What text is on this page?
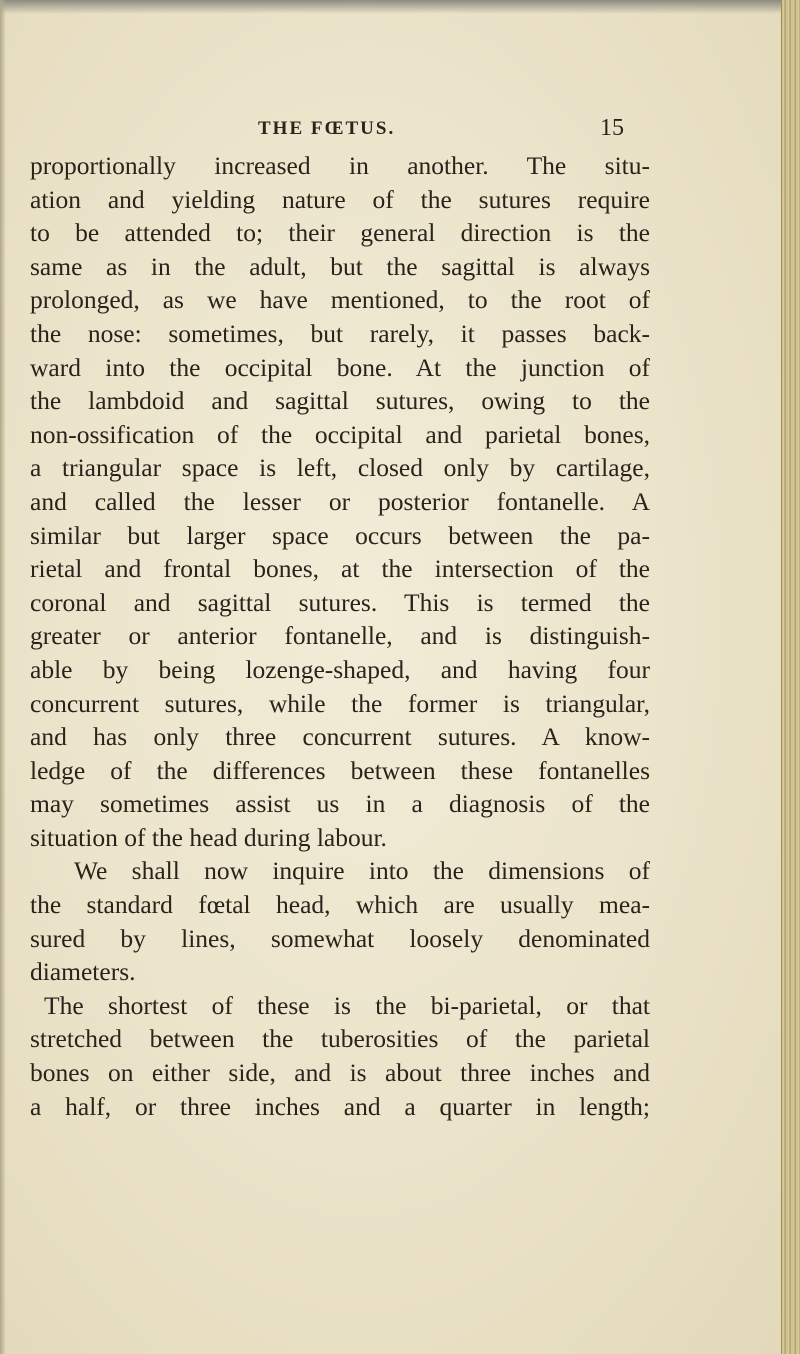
THE FŒTUS.	15
proportionally increased in another. The situ-
ation and yielding nature of the sutures require
to be attended to; their general direction is the
same as in the adult, but the sagittal is always
prolonged, as we have mentioned, to the root of
the nose: sometimes, but rarely, it passes back-
ward into the occipital bone. At the junction of
the lambdoid and sagittal sutures, owing to the
non-ossification of the occipital and parietal bones,
a triangular space is left, closed only by cartilage,
and called the lesser or posterior fontanelle. A
similar but larger space occurs between the pa-
rietal and frontal bones, at the intersection of the
coronal and sagittal sutures. This is termed the
greater or anterior fontanelle, and is distinguish-
able by being lozenge-shaped, and having four
concurrent sutures, while the former is triangular,
and has only three concurrent sutures. A know-
ledge of the differences between these fontanelles
may sometimes assist us in a diagnosis of the
situation of the head during labour.
We shall now inquire into the dimensions of
the standard fœtal head, which are usually mea-
sured by lines, somewhat loosely denominated
diameters.
The shortest of these is the bi-parietal, or that
stretched between the tuberosities of the parietal
bones on either side, and is about three inches and
a half, or three inches and a quarter in length;
